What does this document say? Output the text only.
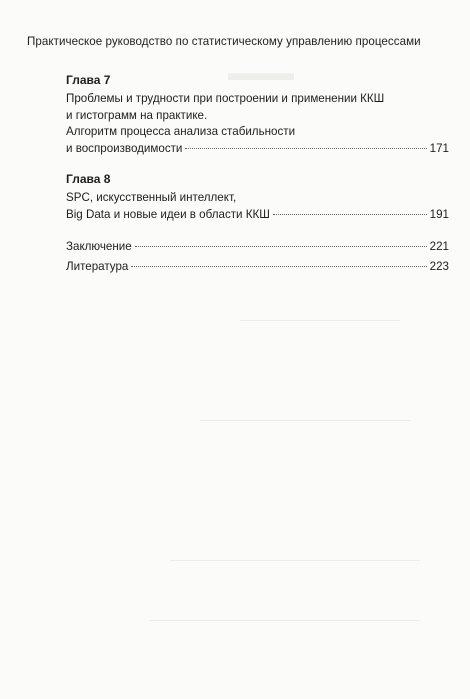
▬▬▬
Практическое руководство по статистическому управлению процессами
Глава 7
Проблемы и трудности при построении и применении ККШ
и гистограмм на практике.
Алгоритм процесса анализа стабильности
и воспроизводимости	171
Глава 8
SPC, искусственный интеллект,
Big Data и новые идеи в области ККШ	191
Заключение	221
Литература	223
